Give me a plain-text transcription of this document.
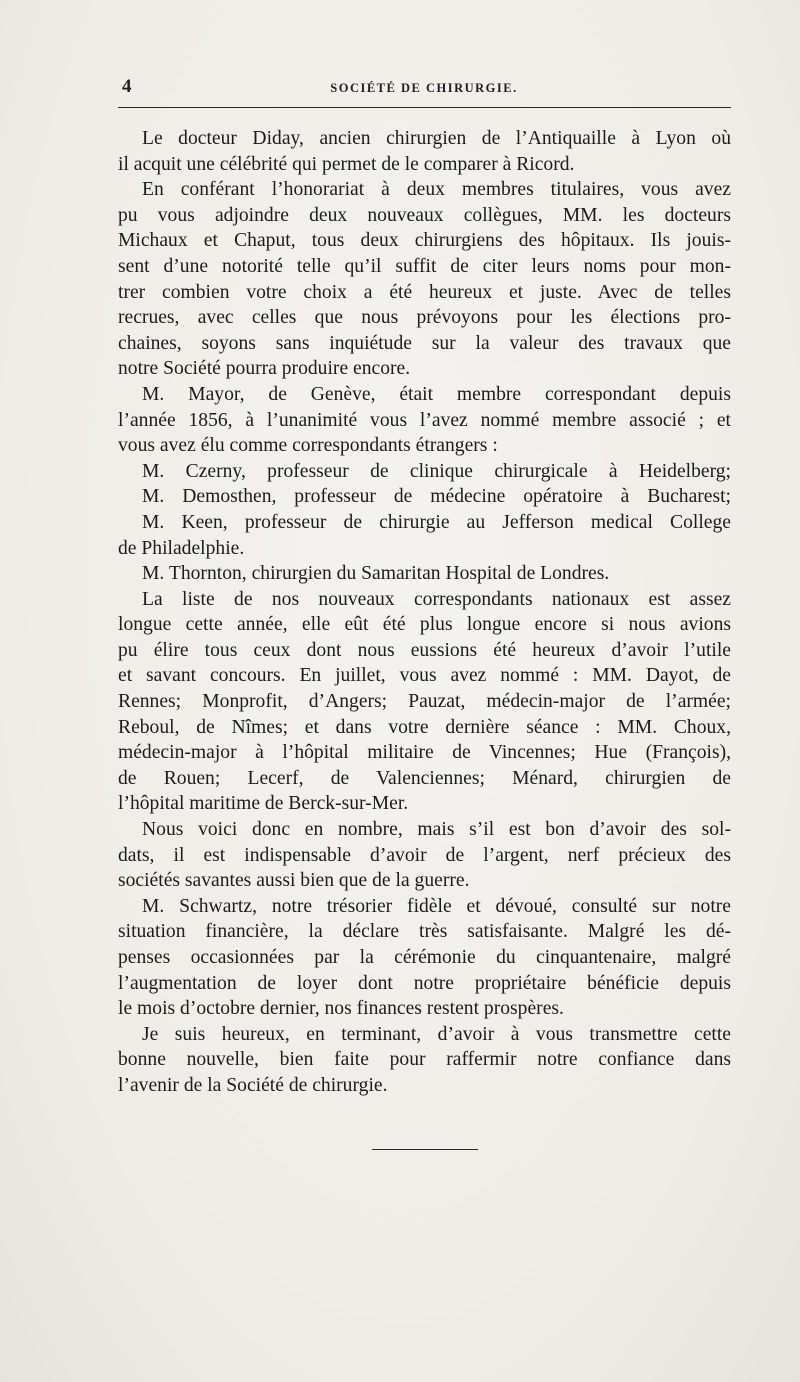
4	SOCIÉTÉ DE CHIRURGIE.
Le docteur Diday, ancien chirurgien de l’Antiquaille à Lyon où
il acquit une célébrité qui permet de le comparer à Ricord.
En conférant l’honorariat à deux membres titulaires, vous avez
pu vous adjoindre deux nouveaux collègues, MM. les docteurs
Michaux et Chaput, tous deux chirurgiens des hôpitaux. Ils jouis-
sent d’une notorité telle qu’il suffit de citer leurs noms pour mon-
trer combien votre choix a été heureux et juste. Avec de telles
recrues, avec celles que nous prévoyons pour les élections pro-
chaines, soyons sans inquiétude sur la valeur des travaux que
notre Société pourra produire encore.
M. Mayor, de Genève, était membre correspondant depuis
l’année 1856, à l’unanimité vous l’avez nommé membre associé ; et
vous avez élu comme correspondants étrangers :
M. Czerny, professeur de clinique chirurgicale à Heidelberg;
M. Demosthen, professeur de médecine opératoire à Bucharest;
M. Keen, professeur de chirurgie au Jefferson medical College
de Philadelphie.
M. Thornton, chirurgien du Samaritan Hospital de Londres.
La liste de nos nouveaux correspondants nationaux est assez
longue cette année, elle eût été plus longue encore si nous avions
pu élire tous ceux dont nous eussions été heureux d’avoir l’utile
et savant concours. En juillet, vous avez nommé : MM. Dayot, de
Rennes; Monprofit, d’Angers; Pauzat, médecin-major de l’armée;
Reboul, de Nîmes; et dans votre dernière séance : MM. Choux,
médecin-major à l’hôpital militaire de Vincennes; Hue (François),
de Rouen; Lecerf, de Valenciennes; Ménard, chirurgien de
l’hôpital maritime de Berck-sur-Mer.
Nous voici donc en nombre, mais s’il est bon d’avoir des sol-
dats, il est indispensable d’avoir de l’argent, nerf précieux des
sociétés savantes aussi bien que de la guerre.
M. Schwartz, notre trésorier fidèle et dévoué, consulté sur notre
situation financière, la déclare très satisfaisante. Malgré les dé-
penses occasionnées par la cérémonie du cinquantenaire, malgré
l’augmentation de loyer dont notre propriétaire bénéficie depuis
le mois d’octobre dernier, nos finances restent prospères.
Je suis heureux, en terminant, d’avoir à vous transmettre cette
bonne nouvelle, bien faite pour raffermir notre confiance dans
l’avenir de la Société de chirurgie.
